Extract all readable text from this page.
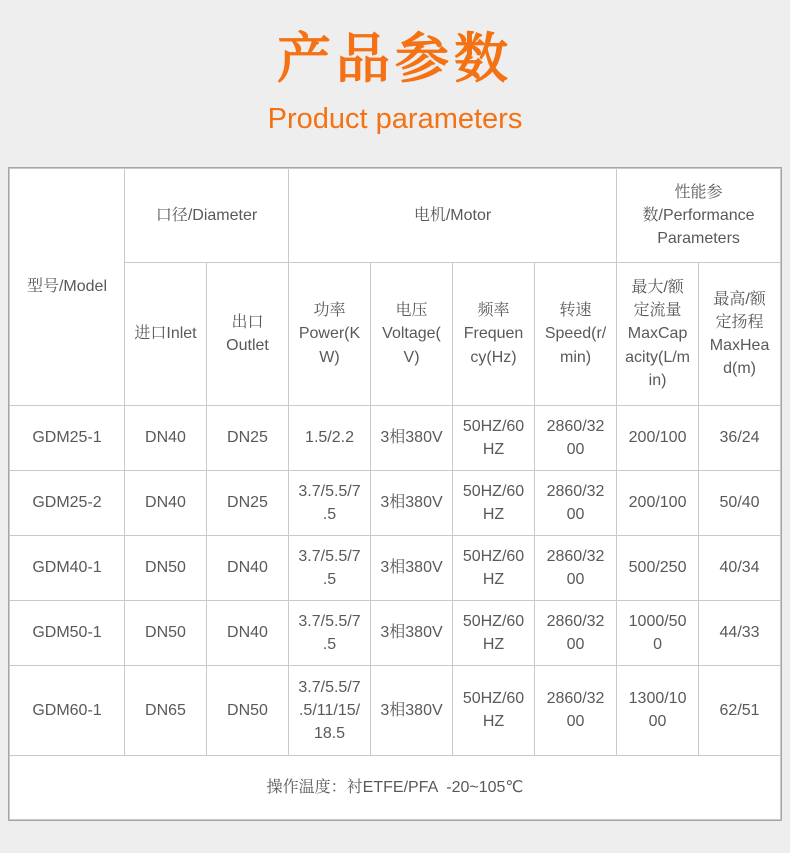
产品参数
Product parameters
型号/Model	口径/Diameter		电机/Motor				性能参数/Performance Parameters	
	进口Inlet	出口 Outlet	功率 Power(KW)	电压 Voltage(V)	频率 Frequency(Hz)	转速 Speed(r/min)	最大/额定流量 MaxCapacity(L/min)	最高/额定扬程 MaxHead(m)
GDM25-1	DN40	DN25	1.5/2.2	3相380V	50HZ/60HZ	2860/3200	200/100	36/24
GDM25-2	DN40	DN25	3.7/5.5/7.5	3相380V	50HZ/60HZ	2860/3200	200/100	50/40
GDM40-1	DN50	DN40	3.7/5.5/7.5	3相380V	50HZ/60HZ	2860/3200	500/250	40/34
GDM50-1	DN50	DN40	3.7/5.5/7.5	3相380V	50HZ/60HZ	2860/3200	1000/500	44/33
GDM60-1	DN65	DN50	3.7/5.5/7.5/11/15/18.5	3相380V	50HZ/60HZ	2860/3200	1300/1000	62/51
操作温度：衬ETFE/PFA  -20~105℃								
